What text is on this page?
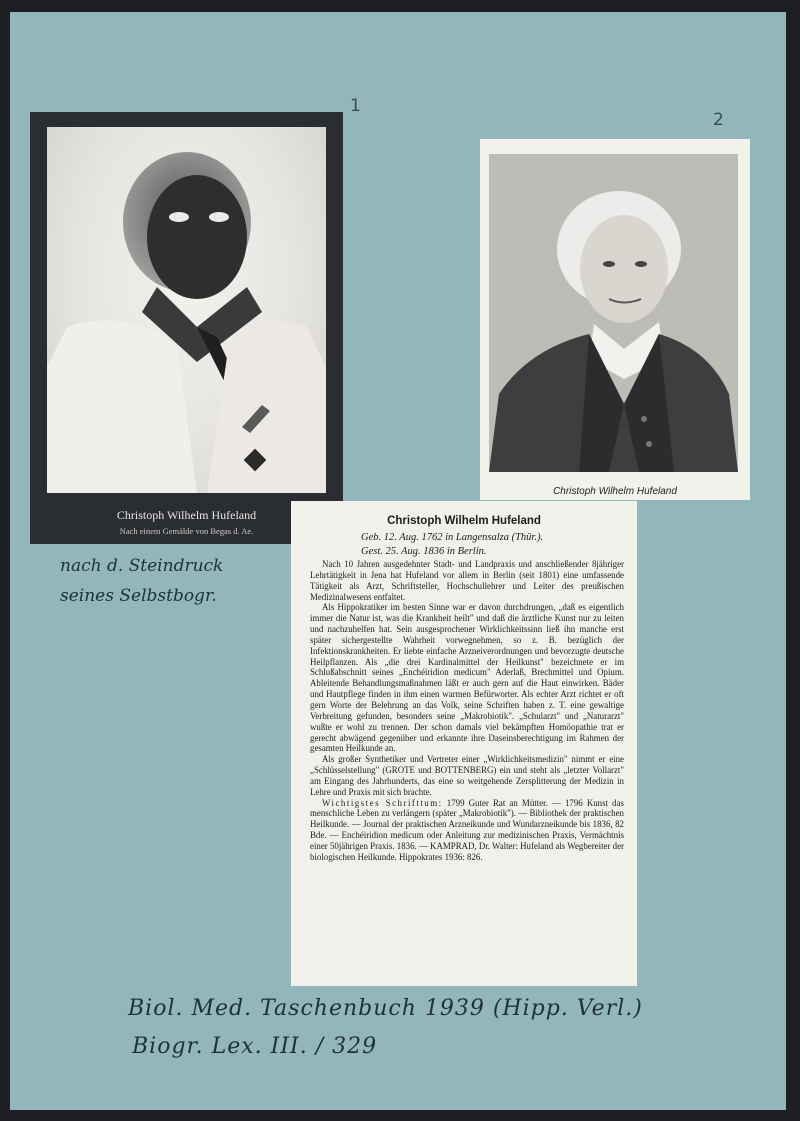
1
2
Christoph Wilhelm Hufeland
Nach einem Gemälde von Begas d. Ae.
Christoph Wilhelm Hufeland
Christoph Wilhelm Hufeland
Geb. 12. Aug. 1762 in Langensalza (Thür.).
Gest. 25. Aug. 1836 in Berlin.

Nach 10 Jahren ausgedehnter Stadt- und Landpraxis und anschließender 8jähriger Lehrtätigkeit in Jena hat Hufeland vor allem in Berlin (seit 1801) eine umfassende Tätigkeit als Arzt, Schriftsteller, Hochschullehrer und Leiter des preußischen Medizinalwesens entfaltet.

Als Hippokratiker im besten Sinne war er davon durchdrungen, „daß es eigentlich immer die Natur ist, was die Krankheit heilt" und daß die ärztliche Kunst nur zu leiten und nachzuhelfen hat. Sein ausgesprochener Wirklichkeitssinn ließ ihn manche erst später sichergestellte Wahrheit vorwegnehmen, so z. B. bezüglich der Infektionskrankheiten. Er liebte einfache Arzneiverordnungen und bevorzugte deutsche Heilpflanzen. Als „die drei Kardinalmittel der Heilkunst" bezeichnete er im Schlußabschnitt seines „Enchéiridion medicum" Aderlaß, Brechmittel und Opium. Ableitende Behandlungsmaßnahmen läßt er auch gern auf die Haut einwirken. Bäder und Hautpflege finden in ihm einen warmen Befürworter. Als echter Arzt richtet er oft gern Worte der Belehrung an das Volk, seine Schriften haben z. T. eine gewaltige Verbreitung gefunden, besonders seine „Makrobiotik". „Schularzt" und „Naturarzt" wußte er wohl zu trennen. Der schon damals viel bekämpften Homöopathie trat er gerecht abwägend gegenüber und erkannte ihre Daseinsberechtigung im Rahmen der gesamten Heilkunde an.

Als großer Synthetiker und Vertreter einer „Wirklichkeitsmedizin" nimmt er eine „Schlüsselstellung" (GROTE und BOTTENBERG) ein und steht als „letzter Vollarzt" am Eingang des Jahrhunderts, das eine so weitgehende Zersplitterung der Medizin in Lehre und Praxis mit sich brachte.

Wichtigstes Schrifttum: 1799 Guter Rat an Mütter. — 1796 Kunst das menschliche Leben zu verlängern (später „Makrobiotik"). — Bibliothek der praktischen Heilkunde. — Journal der praktischen Arzneikunde und Wundarzneikunde bis 1836, 82 Bde. — Enchéiridion medicum oder Anleitung zur medizinischen Praxis, Vermächtnis einer 50jährigen Praxis. 1836. — KAMPRAD, Dr. Walter: Hufeland als Wegbereiter der biologischen Heilkunde. Hippokrates 1936: 826.

nach d. Steindruck
seines Selbstbogr.
Biol. Med. Taschenbuch 1939 (Hipp. Verl.)
Biogr. Lex. III. / 329
